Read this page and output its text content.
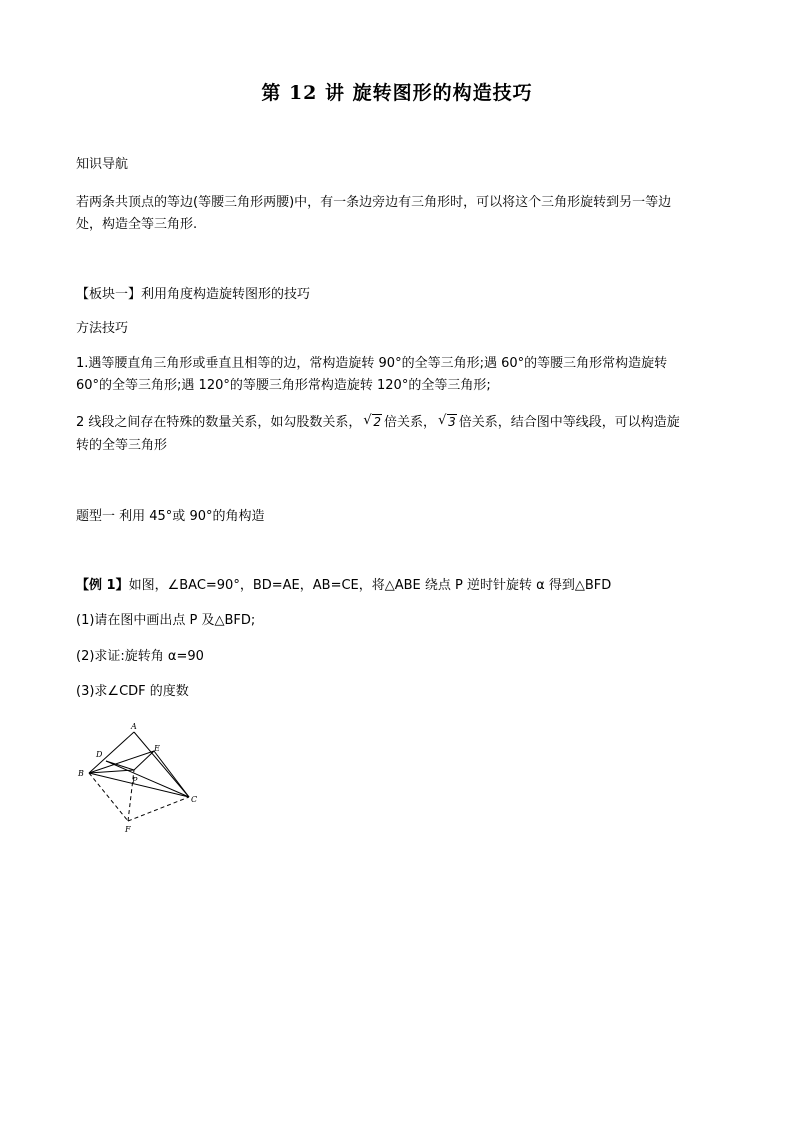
第 12 讲 旋转图形的构造技巧
知识导航
若两条共顶点的等边(等腰三角形两腰)中，有一条边旁边有三角形时，可以将这个三角形旋转到另一等边
处，构造全等三角形.
【板块一】利用角度构造旋转图形的技巧
方法技巧
1.遇等腰直角三角形或垂直且相等的边，常构造旋转 90°的全等三角形;遇 60°的等腰三角形常构造旋转
60°的全等三角形;遇 120°的等腰三角形常构造旋转 120°的全等三角形;
2 线段之间存在特殊的数量关系，如勾股数关系， √ 2 倍关系， √ 3 倍关系，结合图中等线段，可以构造旋
转的全等三角形
题型一 利用 45°或 90°的角构造
【例 1】如图，∠BAC=90°，BD=AE，AB=CE，将△ABE 绕点 P 逆时针旋转 α 得到△BFD
(1)请在图中画出点 P 及△BFD;
(2)求证:旋转角 α=90
(3)求∠CDF 的度数
A
B
C
D
E
F
P
